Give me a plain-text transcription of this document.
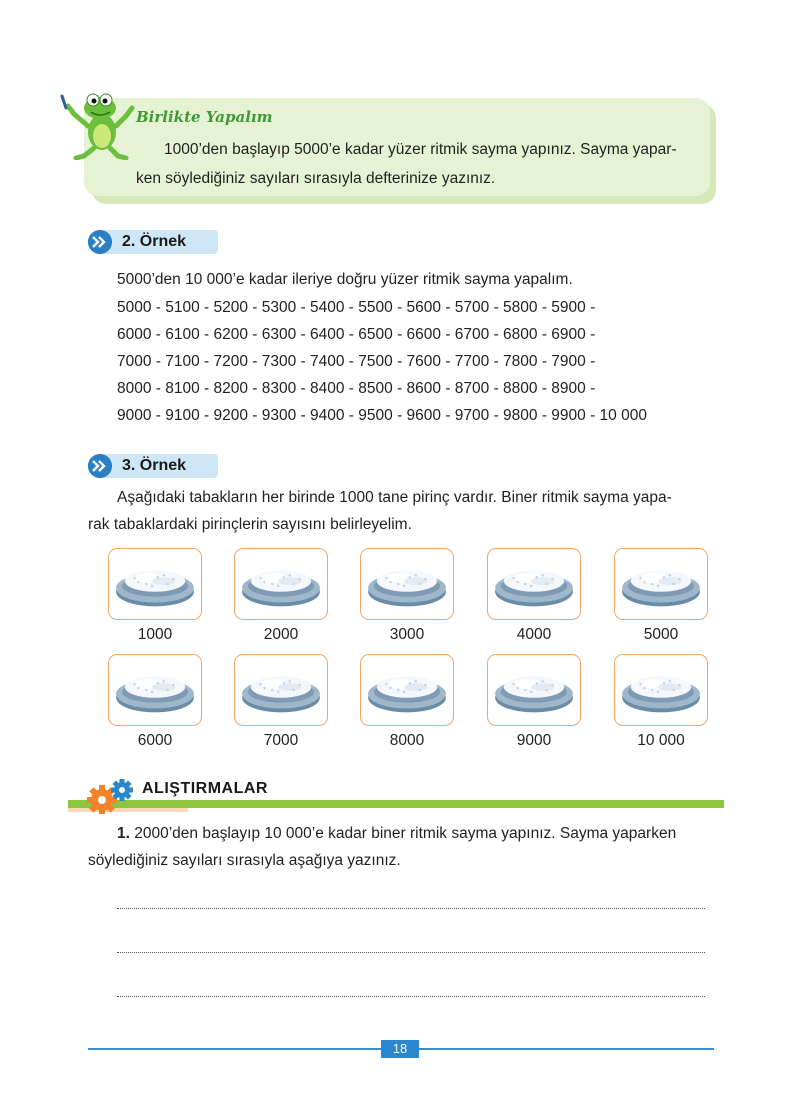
Birlikte Yapalım
1000’den başlayıp 5000’e kadar yüzer ritmik sayma yapınız. Sayma yapar-
ken söylediğiniz sayıları sırasıyla defterinize yazınız.
2. Örnek
5000’den 10 000’e kadar ileriye doğru yüzer ritmik sayma yapalım.
5000 - 5100 - 5200 - 5300 - 5400 - 5500 - 5600 - 5700 - 5800 - 5900 -
6000 - 6100 - 6200 - 6300 - 6400 - 6500 - 6600 - 6700 - 6800 - 6900 -
7000 - 7100 - 7200 - 7300 - 7400 - 7500 - 7600 - 7700 - 7800 - 7900 -
8000 - 8100 - 8200 - 8300 - 8400 - 8500 - 8600 - 8700 - 8800 - 8900 -
9000 - 9100 - 9200 - 9300 - 9400 - 9500 - 9600 - 9700 - 9800 - 9900 - 10 000
3. Örnek
Aşağıdaki tabakların her birinde 1000 tane pirinç vardır. Biner ritmik sayma yapa-
rak tabaklardaki pirinçlerin sayısını belirleyelim.
1000	2000	3000	4000	5000
6000	7000	8000	9000	10 000
ALIŞTIRMALAR
1. 2000’den başlayıp 10 000’e kadar biner ritmik sayma yapınız. Sayma yaparken
söylediğiniz sayıları sırasıyla aşağıya yazınız.
18
